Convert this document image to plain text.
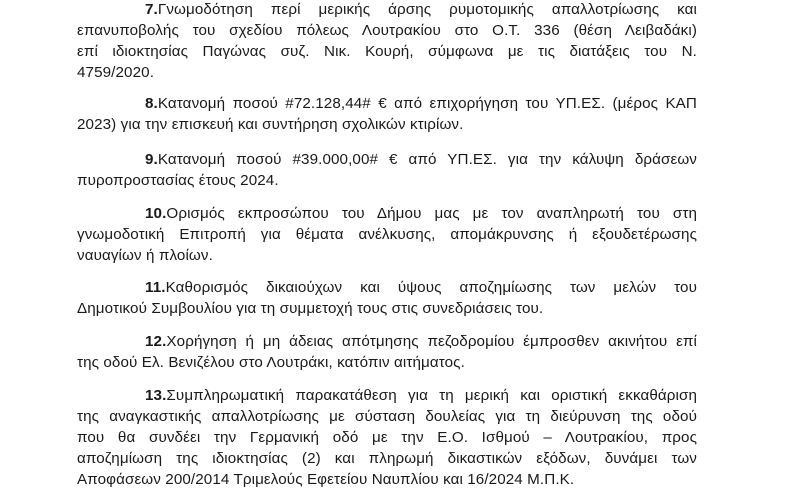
7.Γνωμοδότηση περί μερικής άρσης ρυμοτομικής απαλλοτρίωσης και
επανυποβολής του σχεδίου πόλεως Λουτρακίου στο Ο.Τ. 336 (θέση Λειβαδάκι)
επί ιδιοκτησίας Παγώνας συζ. Νικ. Κουρή, σύμφωνα με τις διατάξεις του Ν.
4759/2020.
8.Κατανομή ποσού #72.128,44# € από επιχορήγηση του ΥΠ.ΕΣ. (μέρος ΚΑΠ
2023) για την επισκευή και συντήρηση σχολικών κτιρίων.
9.Κατανομή ποσού #39.000,00# € από ΥΠ.ΕΣ. για την κάλυψη δράσεων
πυροπροστασίας έτους 2024.
10.Ορισμός εκπροσώπου του Δήμου μας με τον αναπληρωτή του στη
γνωμοδοτική Επιτροπή για θέματα ανέλκυσης, απομάκρυνσης ή εξουδετέρωσης
ναυαγίων ή πλοίων.
11.Καθορισμός δικαιούχων και ύψους αποζημίωσης των μελών του
Δημοτικού Συμβουλίου για τη συμμετοχή τους στις συνεδριάσεις του.
12.Χορήγηση ή μη άδειας απότμησης πεζοδρομίου έμπροσθεν ακινήτου επί
της οδού Ελ. Βενιζέλου στο Λουτράκι, κατόπιν αιτήματος.
13.Συμπληρωματική παρακατάθεση για τη μερική και οριστική εκκαθάριση
της αναγκαστικής απαλλοτρίωσης με σύσταση δουλείας για τη διεύρυνση της οδού
που θα συνδέει την Γερμανική οδό με την Ε.Ο. Ισθμού – Λουτρακίου, προς
αποζημίωση της ιδιοκτησίας (2) και πληρωμή δικαστικών εξόδων, δυνάμει των
Αποφάσεων 200/2014 Τριμελούς Εφετείου Ναυπλίου και 16/2024 Μ.Π.Κ.
